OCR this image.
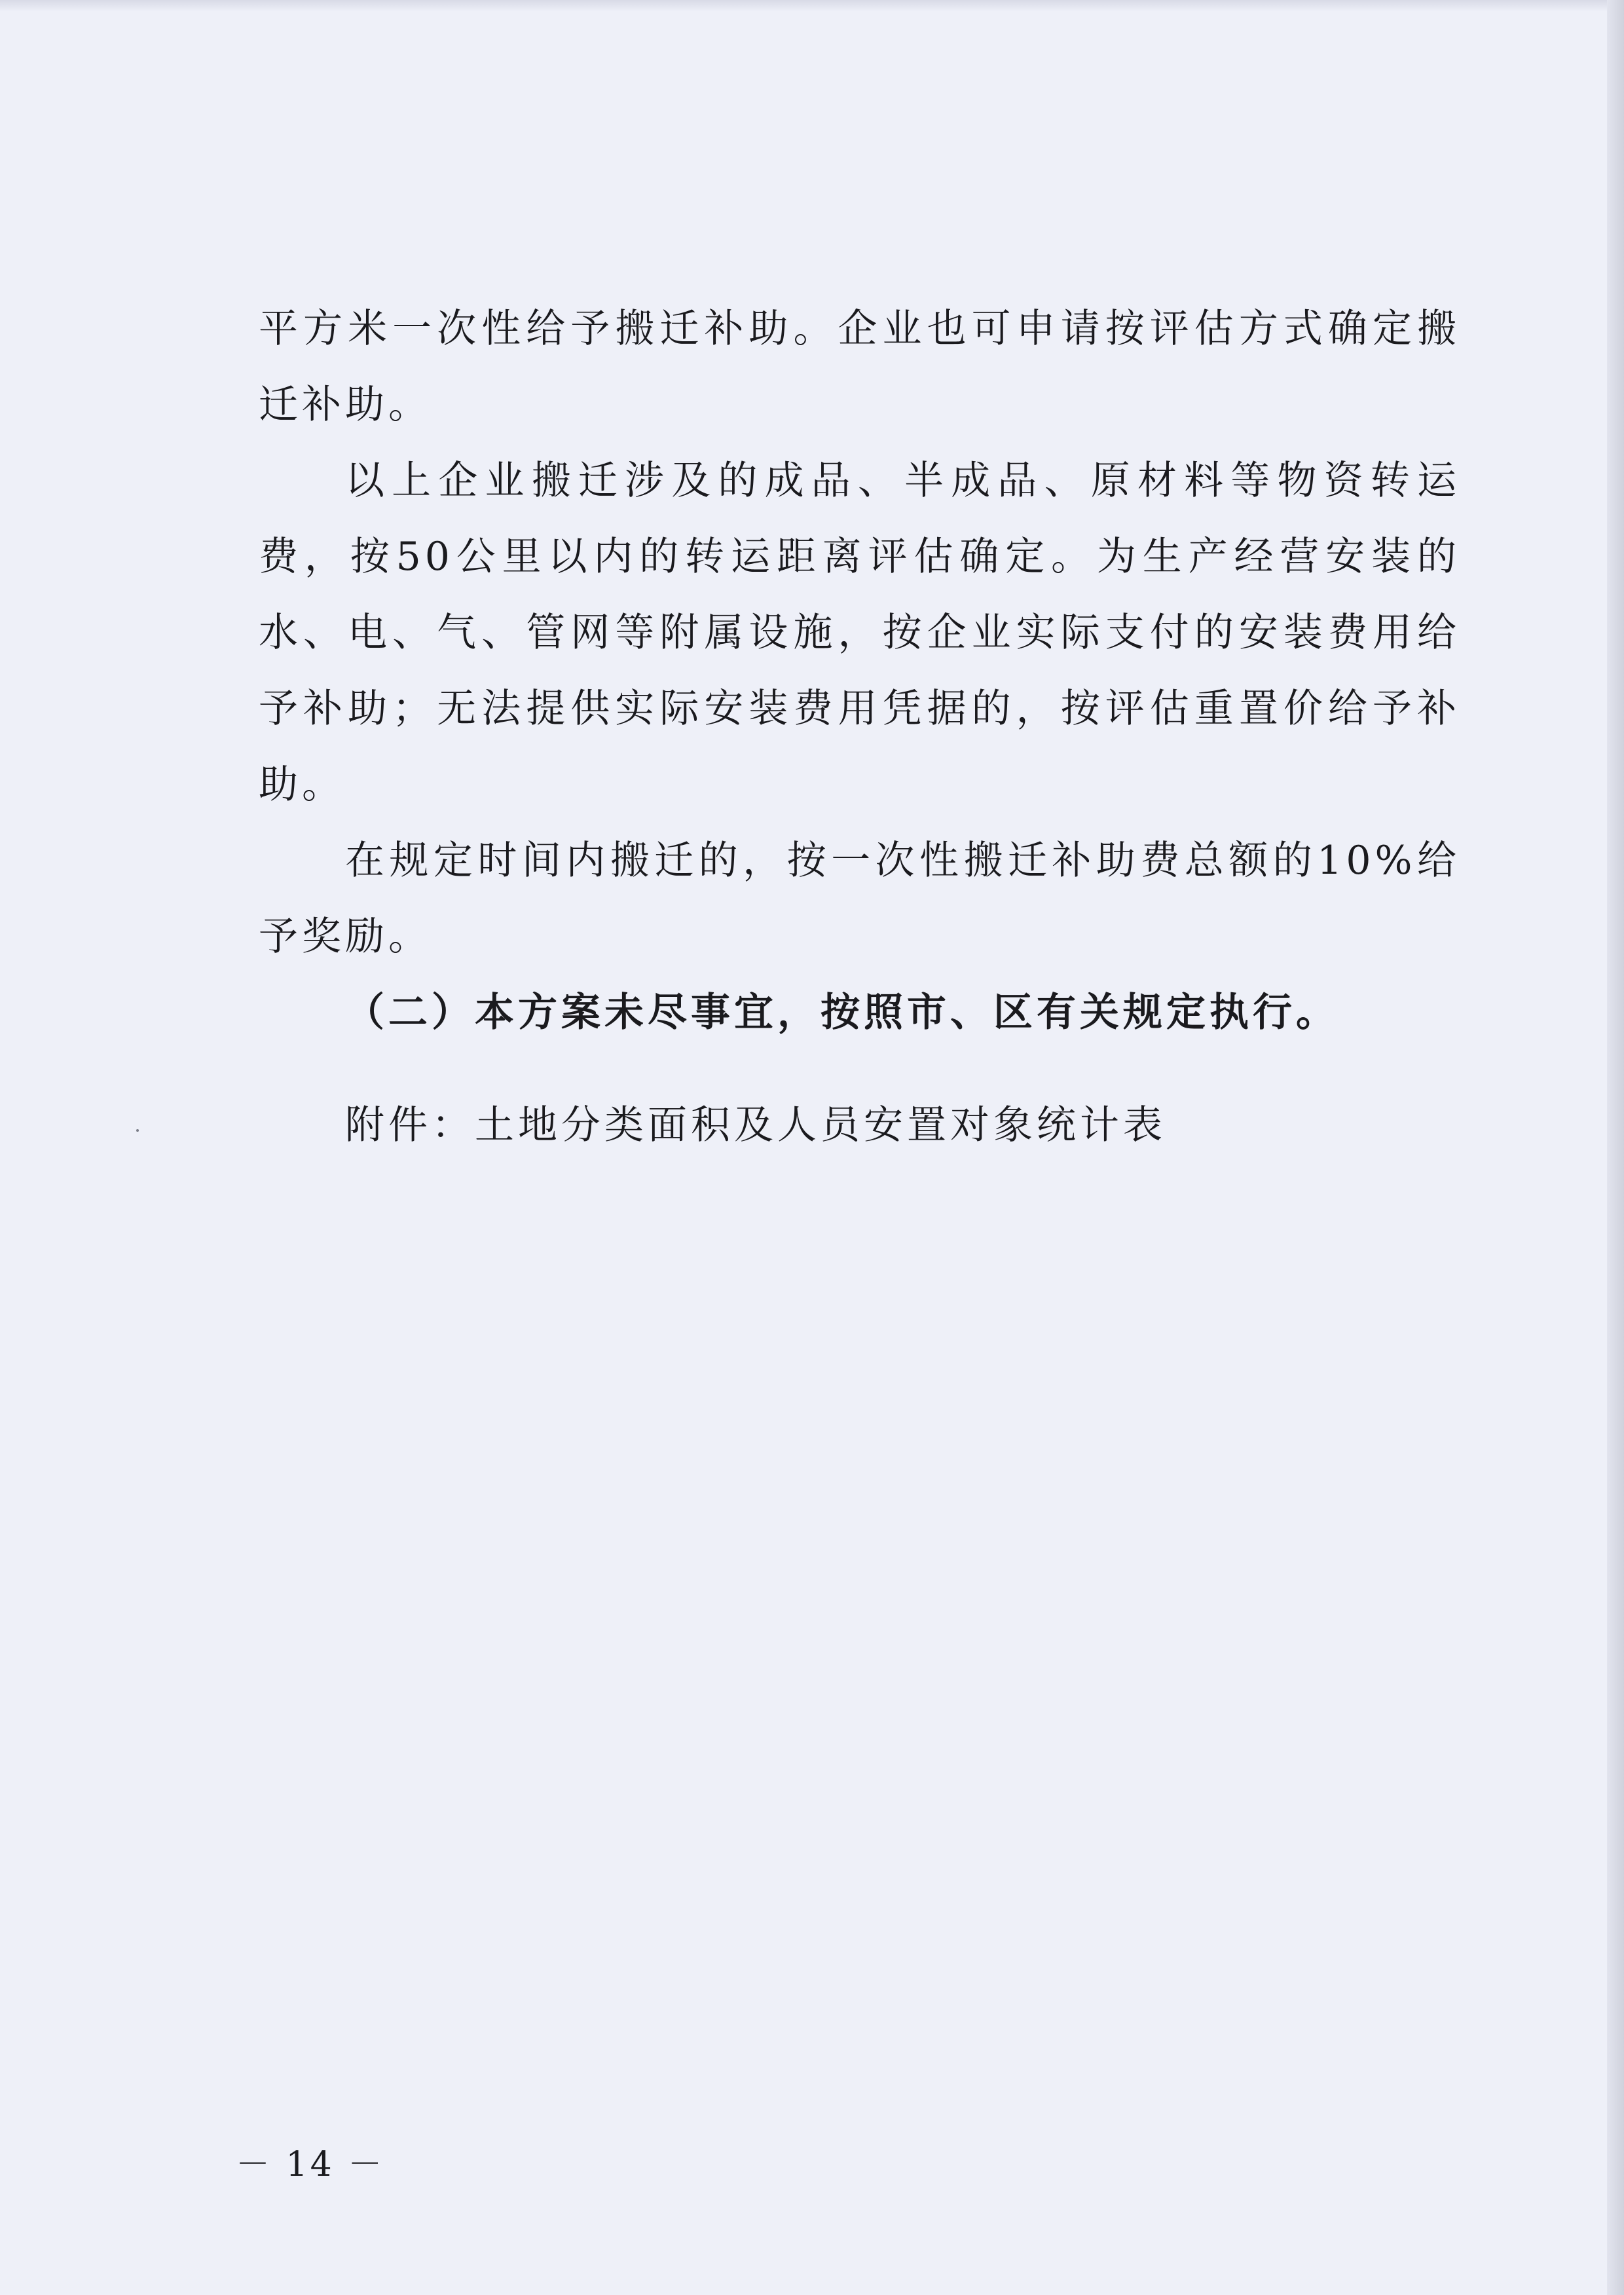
平方米一次性给予搬迁补助。企业也可申请按评估方式确定搬迁补助。

以上企业搬迁涉及的成品、半成品、原材料等物资转运费，按50公里以内的转运距离评估确定。为生产经营安装的水、电、气、管网等附属设施，按企业实际支付的安装费用给予补助；无法提供实际安装费用凭据的，按评估重置价给予补助。

在规定时间内搬迁的，按一次性搬迁补助费总额的10%给予奖励。

（二）本方案未尽事宜，按照市、区有关规定执行。

附件：土地分类面积及人员安置对象统计表
－ 14 －
